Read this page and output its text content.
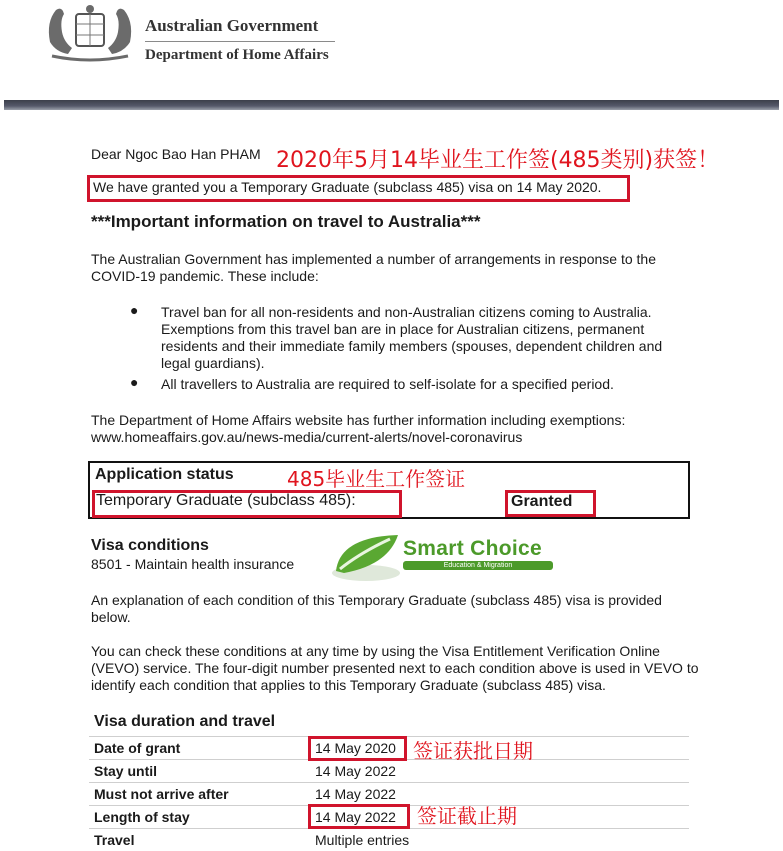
Australian Government
Department of Home Affairs
Dear Ngoc Bao Han PHAM 2020年5月14毕业生工作签(485类别)获签！
We have granted you a Temporary Graduate (subclass 485) visa on 14 May 2020.
***Important information on travel to Australia***
The Australian Government has implemented a number of arrangements in response to the COVID-19 pandemic. These include:
● Travel ban for all non-residents and non-Australian citizens coming to Australia. Exemptions from this travel ban are in place for Australian citizens, permanent residents and their immediate family members (spouses, dependent children and legal guardians).
● All travellers to Australia are required to self-isolate for a specified period.
The Department of Home Affairs website has further information including exemptions: www.homeaffairs.gov.au/news-media/current-alerts/novel-coronavirus
Application status	485毕业生工作签证
Temporary Graduate (subclass 485):	Granted
Visa conditions
8501 - Maintain health insurance
Smart Choice
Education & Migration
An explanation of each condition of this Temporary Graduate (subclass 485) visa is provided below.
You can check these conditions at any time by using the Visa Entitlement Verification Online (VEVO) service. The four-digit number presented next to each condition above is used in VEVO to identify each condition that applies to this Temporary Graduate (subclass 485) visa.
Visa duration and travel
Date of grant	14 May 2020
Stay until	14 May 2022
Must not arrive after	14 May 2022
Length of stay	14 May 2022
Travel	Multiple entries
签证获批日期
签证截止期
